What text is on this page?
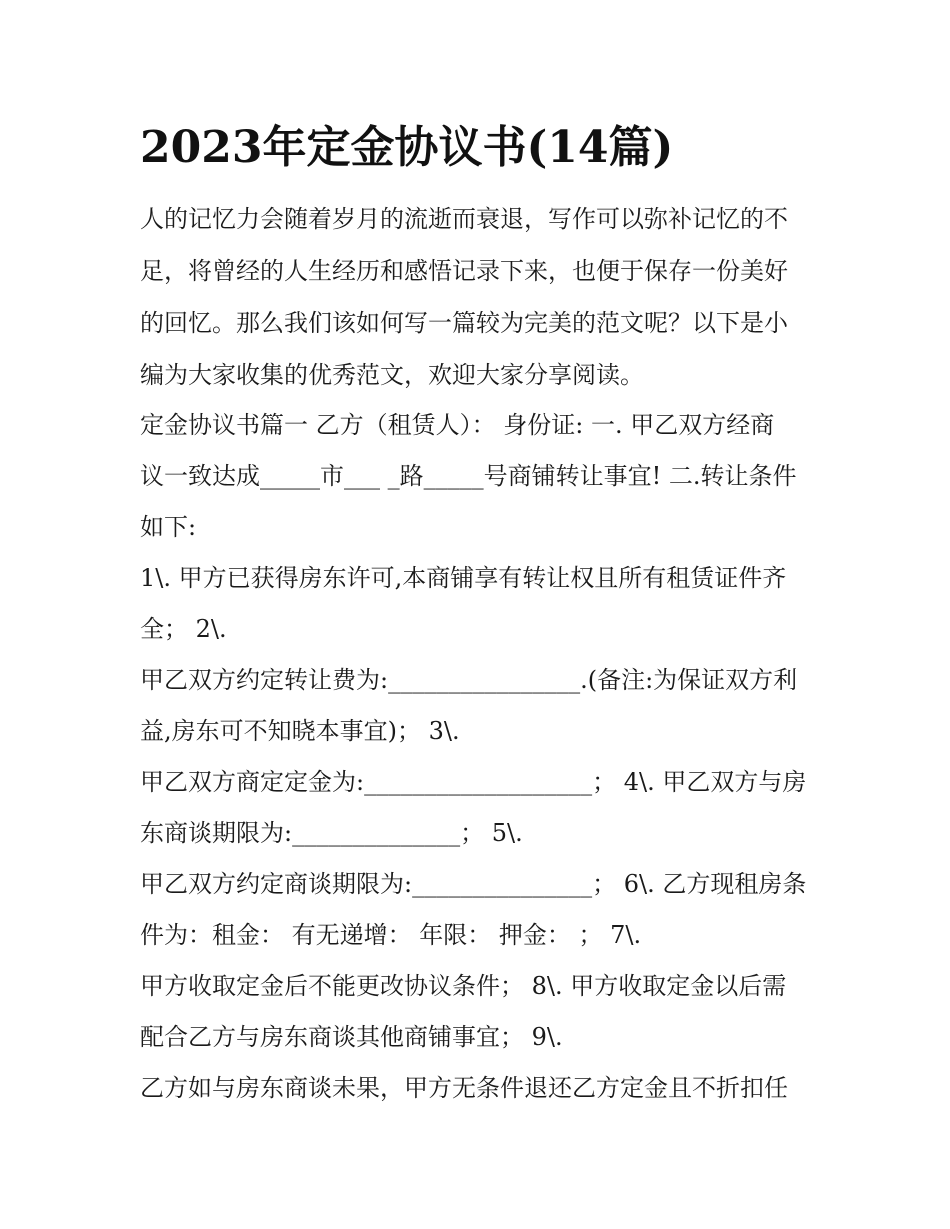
2023年定金协议书(14篇)

人的记忆力会随着岁月的流逝而衰退，写作可以弥补记忆的不

足，将曾经的人生经历和感悟记录下来，也便于保存一份美好

的回忆。那么我们该如何写一篇较为完美的范文呢？以下是小

编为大家收集的优秀范文，欢迎大家分享阅读。

定金协议书篇一 乙方（租赁人）： 身份证: 一. 甲乙双方经商

议一致达成_____市___ _路_____号商铺转让事宜! 二.转让条件

如下:

1\. 甲方已获得房东许可,本商铺享有转让权且所有租赁证件齐

全； 2\.

甲乙双方约定转让费为:________________.(备注:为保证双方利

益,房东可不知晓本事宜)； 3\.

甲乙双方商定定金为:___________________； 4\. 甲乙双方与房

东商谈期限为:______________； 5\.

甲乙双方约定商谈期限为:_______________； 6\. 乙方现租房条

件为：租金： 有无递增： 年限： 押金： ； 7\.

甲方收取定金后不能更改协议条件； 8\. 甲方收取定金以后需

配合乙方与房东商谈其他商铺事宜； 9\.

乙方如与房东商谈未果，甲方无条件退还乙方定金且不折扣任
